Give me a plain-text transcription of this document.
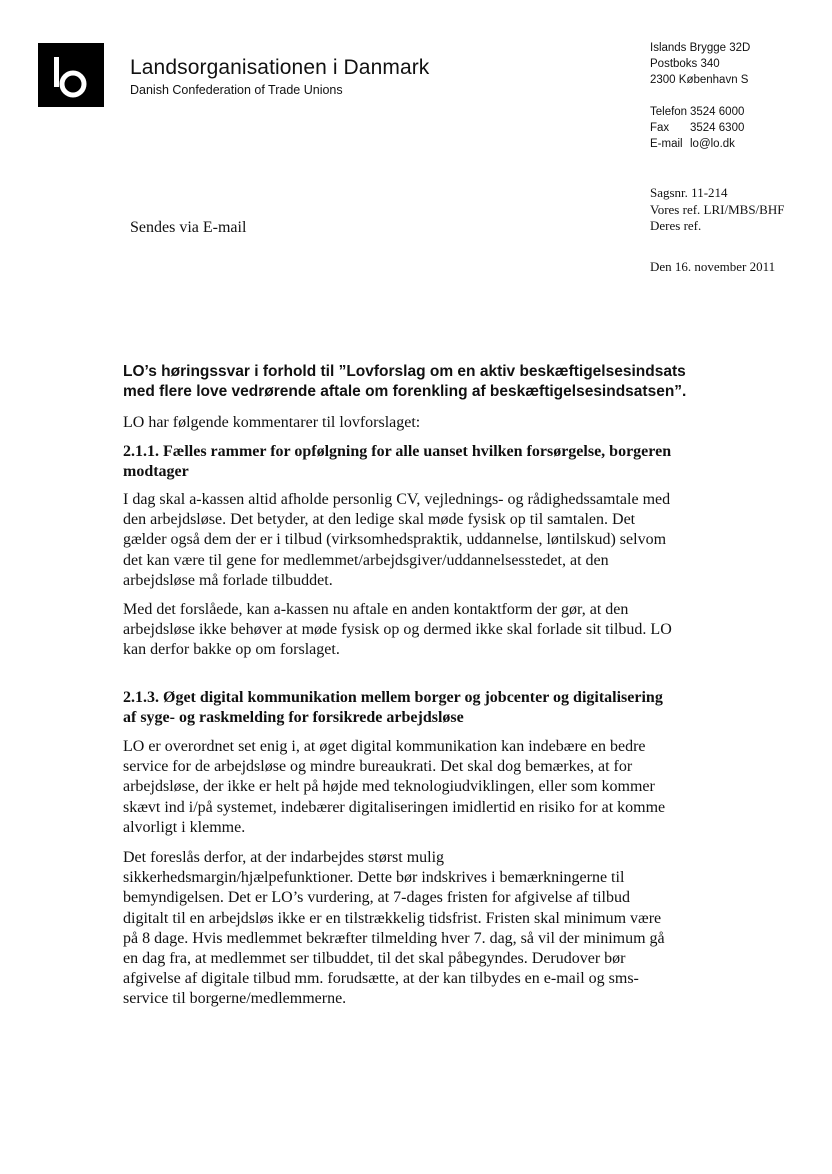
Landsorganisationen i Danmark
Danish Confederation of Trade Unions
Islands Brygge 32D
Postboks 340
2300 København S
Telefon 3524 6000
Fax 3524 6300
E-mail lo@lo.dk
Sagsnr. 11-214
Vores ref. LRI/MBS/BHF
Deres ref.
Den 16. november 2011
Sendes via E-mail
LO’s høringssvar i forhold til ”Lovforslag om en aktiv beskæftigelsesindsats
med flere love vedrørende aftale om forenkling af beskæftigelsesindsatsen”.
LO har følgende kommentarer til lovforslaget:
2.1.1. Fælles rammer for opfølgning for alle uanset hvilken forsørgelse, borgeren
modtager
I dag skal a-kassen altid afholde personlig CV, vejlednings- og rådighedssamtale med
den arbejdsløse. Det betyder, at den ledige skal møde fysisk op til samtalen. Det
gælder også dem der er i tilbud (virksomhedspraktik, uddannelse, løntilskud) selvom
det kan være til gene for medlemmet/arbejdsgiver/uddannelsesstedet, at den
arbejdsløse må forlade tilbuddet.
Med det forslåede, kan a-kassen nu aftale en anden kontaktform der gør, at den
arbejdsløse ikke behøver at møde fysisk op og dermed ikke skal forlade sit tilbud. LO
kan derfor bakke op om forslaget.
2.1.3. Øget digital kommunikation mellem borger og jobcenter og digitalisering
af syge- og raskmelding for forsikrede arbejdsløse
LO er overordnet set enig i, at øget digital kommunikation kan indebære en bedre
service for de arbejdsløse og mindre bureaukrati. Det skal dog bemærkes, at for
arbejdsløse, der ikke er helt på højde med teknologiudviklingen, eller som kommer
skævt ind i/på systemet, indebærer digitaliseringen imidlertid en risiko for at komme
alvorligt i klemme.
Det foreslås derfor, at der indarbejdes størst mulig
sikkerhedsmargin/hjælpefunktioner. Dette bør indskrives i bemærkningerne til
bemyndigelsen. Det er LO’s vurdering, at 7-dages fristen for afgivelse af tilbud
digitalt til en arbejdsløs ikke er en tilstrækkelig tidsfrist. Fristen skal minimum være
på 8 dage. Hvis medlemmet bekræfter tilmelding hver 7. dag, så vil der minimum gå
en dag fra, at medlemmet ser tilbuddet, til det skal påbegyndes. Derudover bør
afgivelse af digitale tilbud mm. forudsætte, at der kan tilbydes en e-mail og sms-
service til borgerne/medlemmerne.
